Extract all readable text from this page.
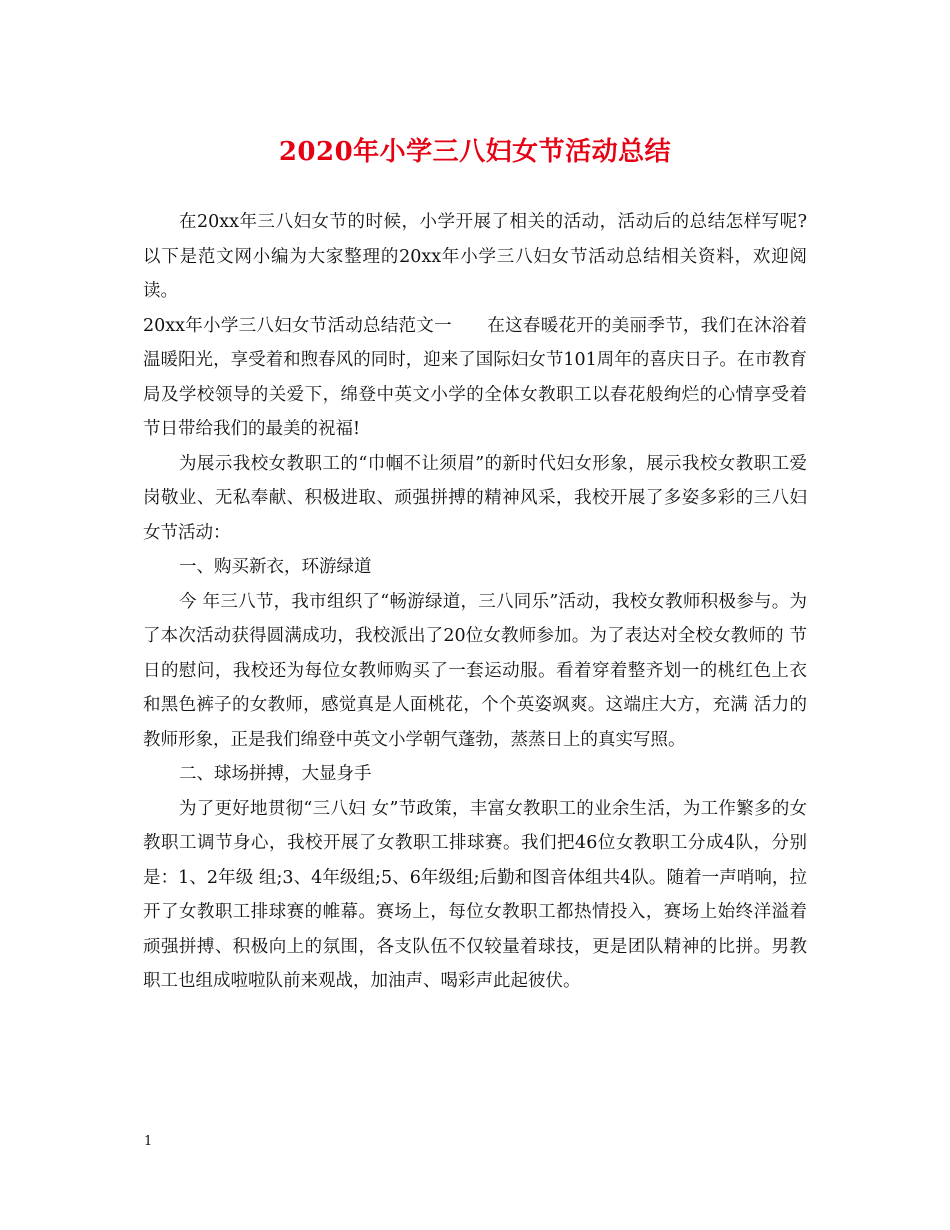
2020年小学三八妇女节活动总结

在20xx年三八妇女节的时候，小学开展了相关的活动，活动后的总结怎样写呢?以下是范文网小编为大家整理的20xx年小学三八妇女节活动总结相关资料，欢迎阅读。

20xx年小学三八妇女节活动总结范文一　　在这春暖花开的美丽季节，我们在沐浴着温暖阳光，享受着和煦春风的同时，迎来了国际妇女节101周年的喜庆日子。在市教育局及学校领导的关爱下，绵登中英文小学的全体女教职工以春花般绚烂的心情享受着节日带给我们的最美的祝福!

为展示我校女教职工的“巾帼不让须眉”的新时代妇女形象，展示我校女教职工爱岗敬业、无私奉献、积极进取、顽强拼搏的精神风采，我校开展了多姿多彩的三八妇女节活动：

一、购买新衣，环游绿道

今 年三八节，我市组织了“畅游绿道，三八同乐”活动，我校女教师积极参与。为了本次活动获得圆满成功，我校派出了20位女教师参加。为了表达对全校女教师的 节日的慰问，我校还为每位女教师购买了一套运动服。看着穿着整齐划一的桃红色上衣和黑色裤子的女教师，感觉真是人面桃花，个个英姿飒爽。这端庄大方，充满 活力的教师形象，正是我们绵登中英文小学朝气蓬勃，蒸蒸日上的真实写照。

二、球场拼搏，大显身手

为了更好地贯彻“三八妇 女”节政策，丰富女教职工的业余生活，为工作繁多的女教职工调节身心，我校开展了女教职工排球赛。我们把46位女教职工分成4队，分别是：1、2年级 组;3、4年级组;5、6年级组;后勤和图音体组共4队。随着一声哨响，拉开了女教职工排球赛的帷幕。赛场上，每位女教职工都热情投入，赛场上始终洋溢着 顽强拼搏、积极向上的氛围，各支队伍不仅较量着球技，更是团队精神的比拼。男教职工也组成啦啦队前来观战，加油声、喝彩声此起彼伏。

1
